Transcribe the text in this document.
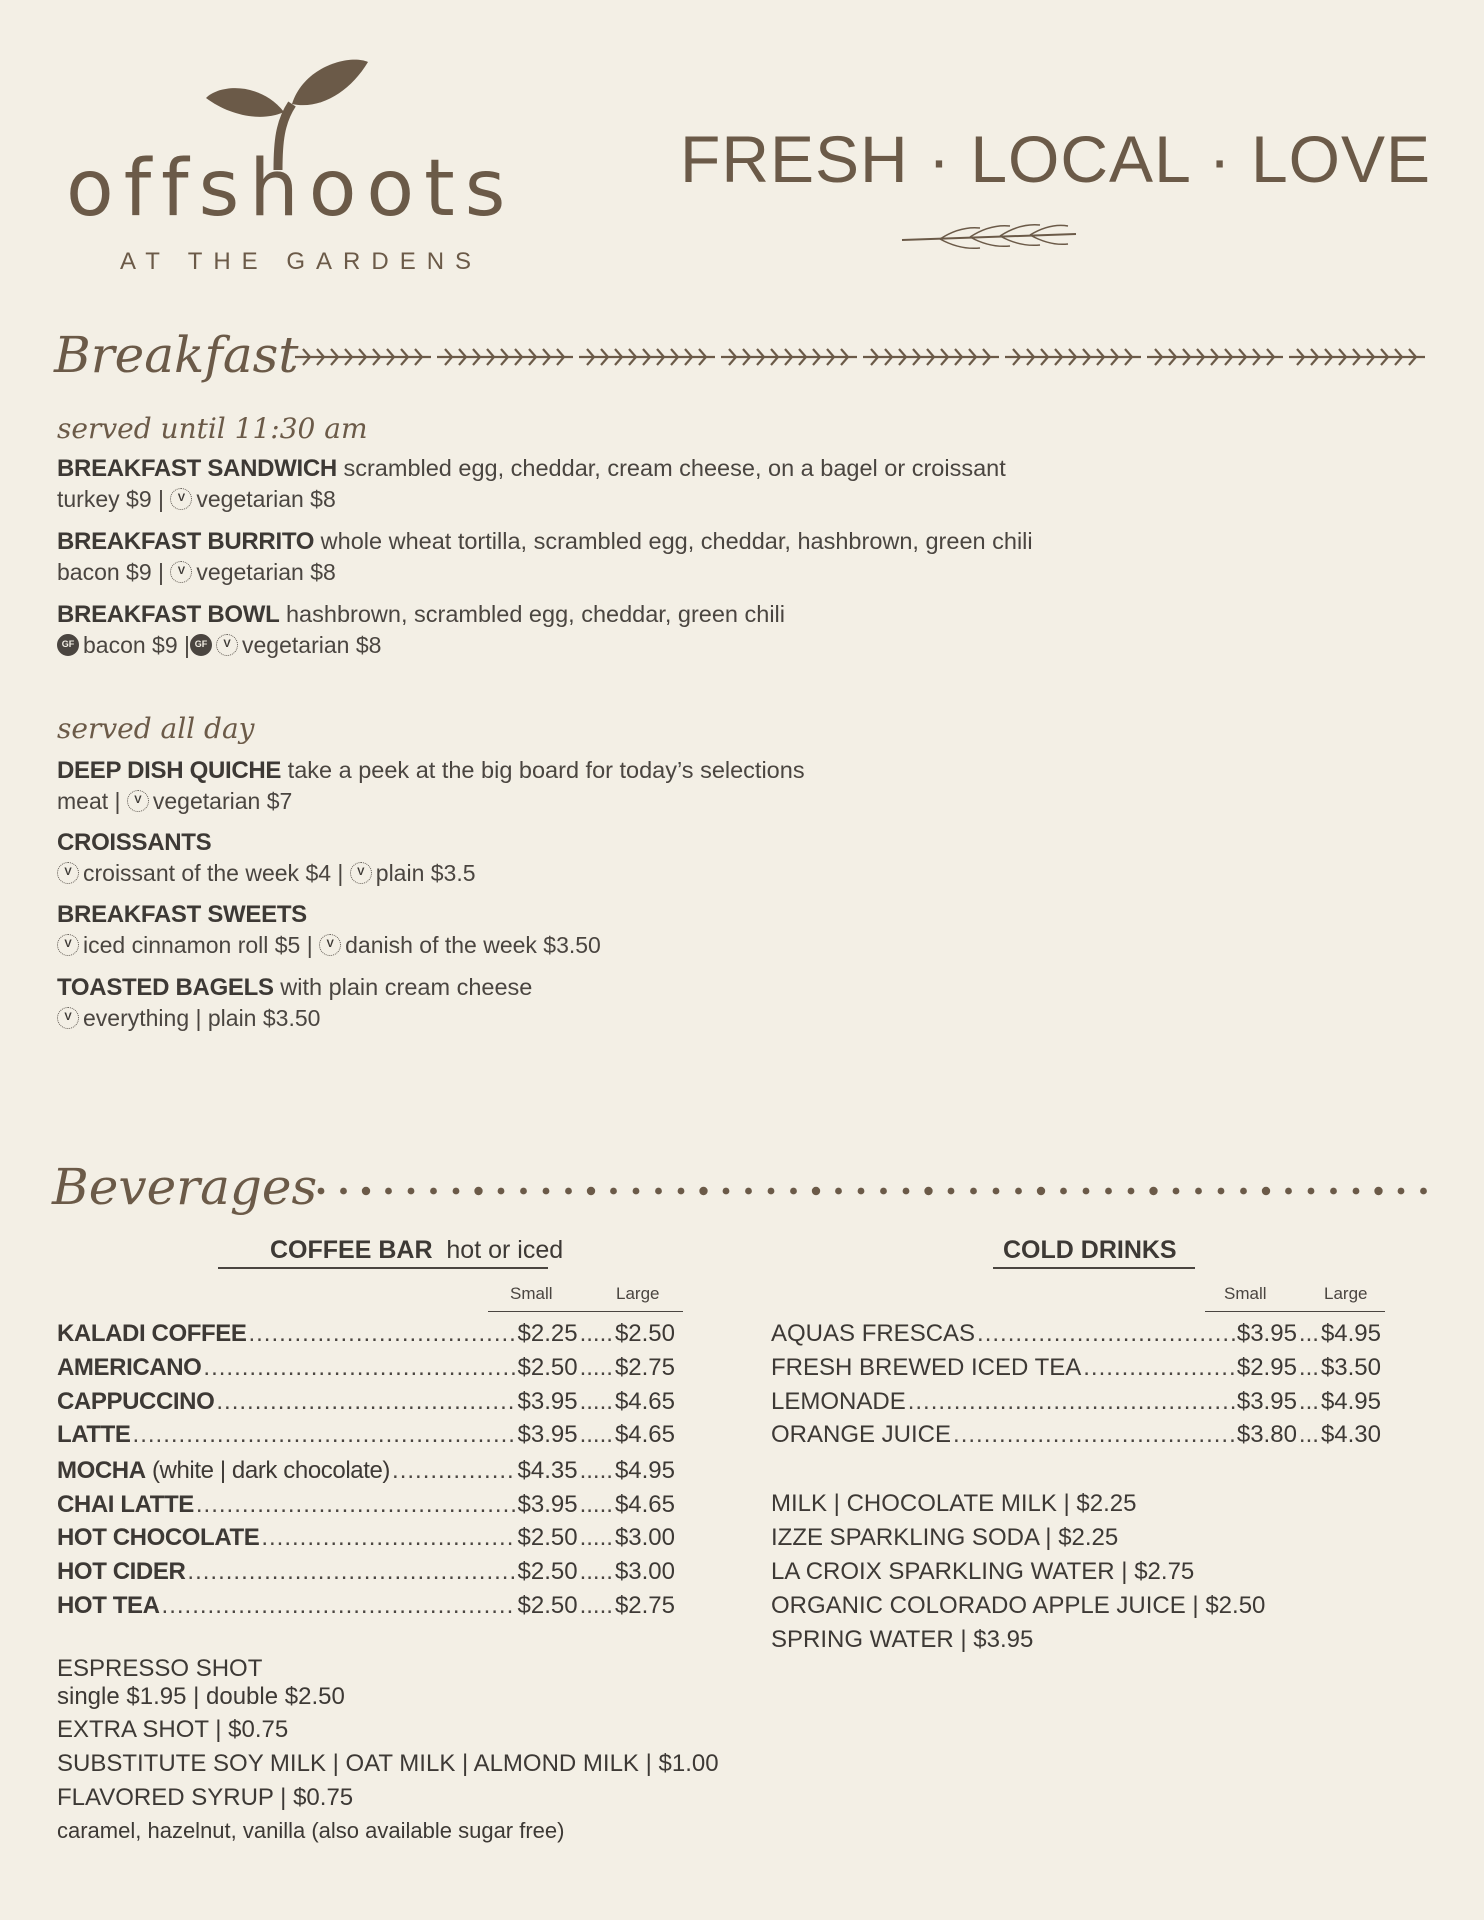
offshoots
AT THE GARDENS
FRESH · LOCAL · LOVE
Breakfast
served until 11:30 am
BREAKFAST SANDWICH scrambled egg, cheddar, cream cheese, on a bagel or croissant
turkey $9 | V vegetarian $8
BREAKFAST BURRITO whole wheat tortilla, scrambled egg, cheddar, hashbrown, green chili
bacon $9 | V vegetarian $8
BREAKFAST BOWL hashbrown, scrambled egg, cheddar, green chili
GF bacon $9 | GF V vegetarian $8
served all day
DEEP DISH QUICHE take a peek at the big board for today’s selections
meat | V vegetarian $7
CROISSANTS
V croissant of the week $4 | V plain $3.5
BREAKFAST SWEETS
V iced cinnamon roll $5 | V danish of the week $3.50
TOASTED BAGELS with plain cream cheese
V everything | plain $3.50
Beverages
COFFEE BAR hot or iced
Small	Large
KALADI COFFEE .....	$2.25 ..... $2.50
AMERICANO .....	$2.50 ..... $2.75
CAPPUCCINO .....	$3.95 ..... $4.65
LATTE .....	$3.95 ..... $4.65
MOCHA (white | dark chocolate) .....	$4.35 ..... $4.95
CHAI LATTE .....	$3.95 ..... $4.65
HOT CHOCOLATE .....	$2.50 ..... $3.00
HOT CIDER .....	$2.50 ..... $3.00
HOT TEA .....	$2.50 ..... $2.75
ESPRESSO SHOT
single $1.95 | double $2.50
EXTRA SHOT | $0.75
SUBSTITUTE SOY MILK | OAT MILK | ALMOND MILK | $1.00
FLAVORED SYRUP | $0.75
caramel, hazelnut, vanilla (also available sugar free)
COLD DRINKS
Small	Large
AQUAS FRESCAS .....	$3.95 ... $4.95
FRESH BREWED ICED TEA .....	$2.95 ... $3.50
LEMONADE .....	$3.95 ... $4.95
ORANGE JUICE .....	$3.80 ... $4.30
MILK | CHOCOLATE MILK | $2.25
IZZE SPARKLING SODA | $2.25
LA CROIX SPARKLING WATER | $2.75
ORGANIC COLORADO APPLE JUICE | $2.50
SPRING WATER | $3.95
